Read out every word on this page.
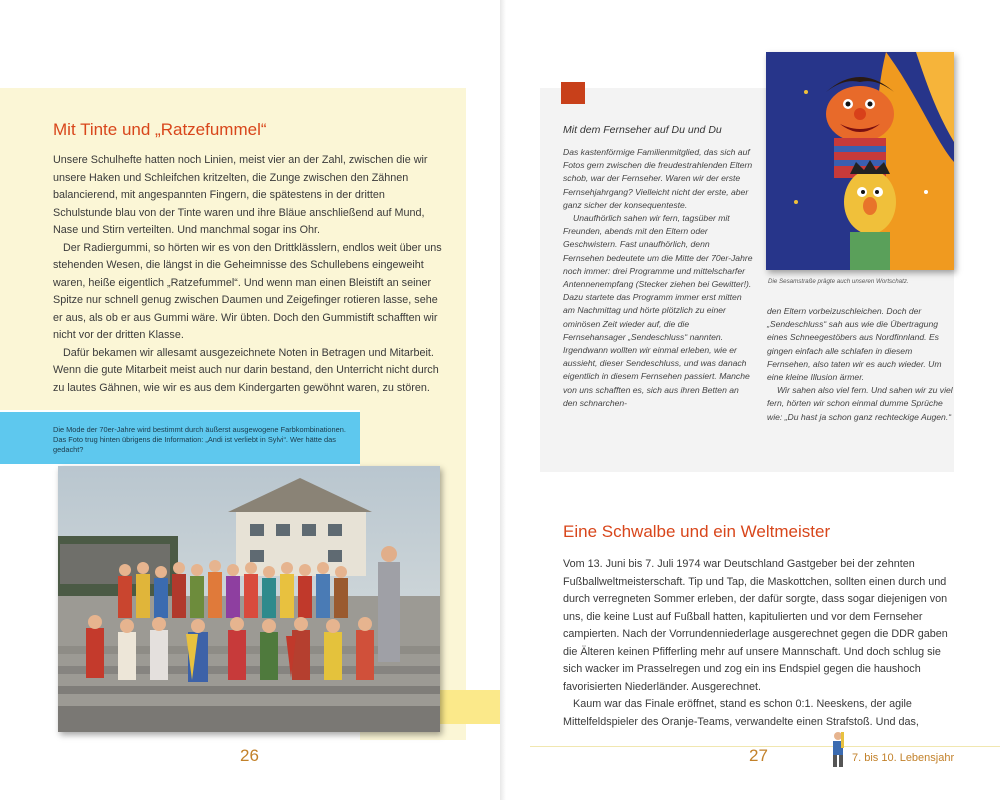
Mit Tinte und „Ratzefummel“

Unsere Schulhefte hatten noch Linien, meist vier an der Zahl, zwischen die wir unsere Haken und Schleifchen kritzelten, die Zunge zwischen den Zähnen balancierend, mit angespannten Fingern, die spätestens in der dritten Schulstunde blau von der Tinte waren und ihre Bläue anschließend auf Mund, Nase und Stirn verteilten. Und manchmal sogar ins Ohr.

Der Radiergummi, so hörten wir es von den Drittklässlern, endlos weit über uns stehenden Wesen, die längst in die Geheimnisse des Schullebens eingeweiht waren, heiße eigentlich „Ratzefummel“. Und wenn man einen Bleistift an seiner Spitze nur schnell genug zwischen Daumen und Zeigefinger rotieren lasse, sehe er aus, als ob er aus Gummi wäre. Wir übten. Doch den Gummistift schafften wir nicht vor der dritten Klasse.

Dafür bekamen wir allesamt ausgezeichnete Noten in Betragen und Mitarbeit. Wenn die gute Mitarbeit meist auch nur darin bestand, den Unterricht nicht durch zu lautes Gähnen, wie wir es aus dem Kindergarten gewöhnt waren, zu stören.

Die Mode der 70er-Jahre wird bestimmt durch äußerst ausgewogene Farbkombinationen. Das Foto trug hinten übrigens die Information: „Andi ist verliebt in Sylvi“. Wer hätte das gedacht?

26
Mit dem Fernseher auf Du und Du

Das kastenförmige Familienmitglied, das sich auf Fotos gern zwischen die freudestrahlenden Eltern schob, war der Fernseher. Waren wir der erste Fernsehjahrgang? Vielleicht nicht der erste, aber ganz sicher der konsequenteste.

Unaufhörlich sahen wir fern, tagsüber mit Freunden, abends mit den Eltern oder Geschwistern. Fast unaufhörlich, denn Fernsehen bedeutete um die Mitte der 70er-Jahre noch immer: drei Programme und mittelscharfer Antennenempfang (Stecker ziehen bei Gewitter!). Dazu startete das Programm immer erst mitten am Nachmittag und hörte plötzlich zu einer ominösen Zeit wieder auf, die die Fernsehansager „Sendeschluss“ nannten. Irgendwann wollten wir einmal erleben, wie er aussieht, dieser Sendeschluss, und was danach eigentlich in diesem Fernsehen passiert. Manche von uns schafften es, sich aus ihren Betten an den schnarchen-

Die Sesamstraße prägte auch unseren Wortschatz.

den Eltern vorbeizuschleichen. Doch der „Sendeschluss“ sah aus wie die Übertragung eines Schneegestöbers aus Nordfinnland. Es gingen einfach alle schlafen in diesem Fernsehen, also taten wir es auch wieder. Um eine kleine Illusion ärmer.

Wir sahen also viel fern. Und sahen wir zu viel fern, hörten wir schon einmal dumme Sprüche wie: „Du hast ja schon ganz rechteckige Augen.“

Eine Schwalbe und ein Weltmeister

Vom 13. Juni bis 7. Juli 1974 war Deutschland Gastgeber bei der zehnten Fußballweltmeisterschaft. Tip und Tap, die Maskottchen, sollten einen durch und durch verregneten Sommer erleben, der dafür sorgte, dass sogar diejenigen von uns, die keine Lust auf Fußball hatten, kapitulierten und vor dem Fernseher campierten. Nach der Vorrundenniederlage ausgerechnet gegen die DDR gaben die Älteren keinen Pfifferling mehr auf unsere Mannschaft. Und doch schlug sie sich wacker im Prasselregen und zog ein ins Endspiel gegen die haushoch favorisierten Niederländer. Ausgerechnet.

Kaum war das Finale eröffnet, stand es schon 0:1. Neeskens, der agile Mittelfeldspieler des Oranje-Teams, verwandelte einen Strafstoß. Und das,

27	7. bis 10. Lebensjahr
